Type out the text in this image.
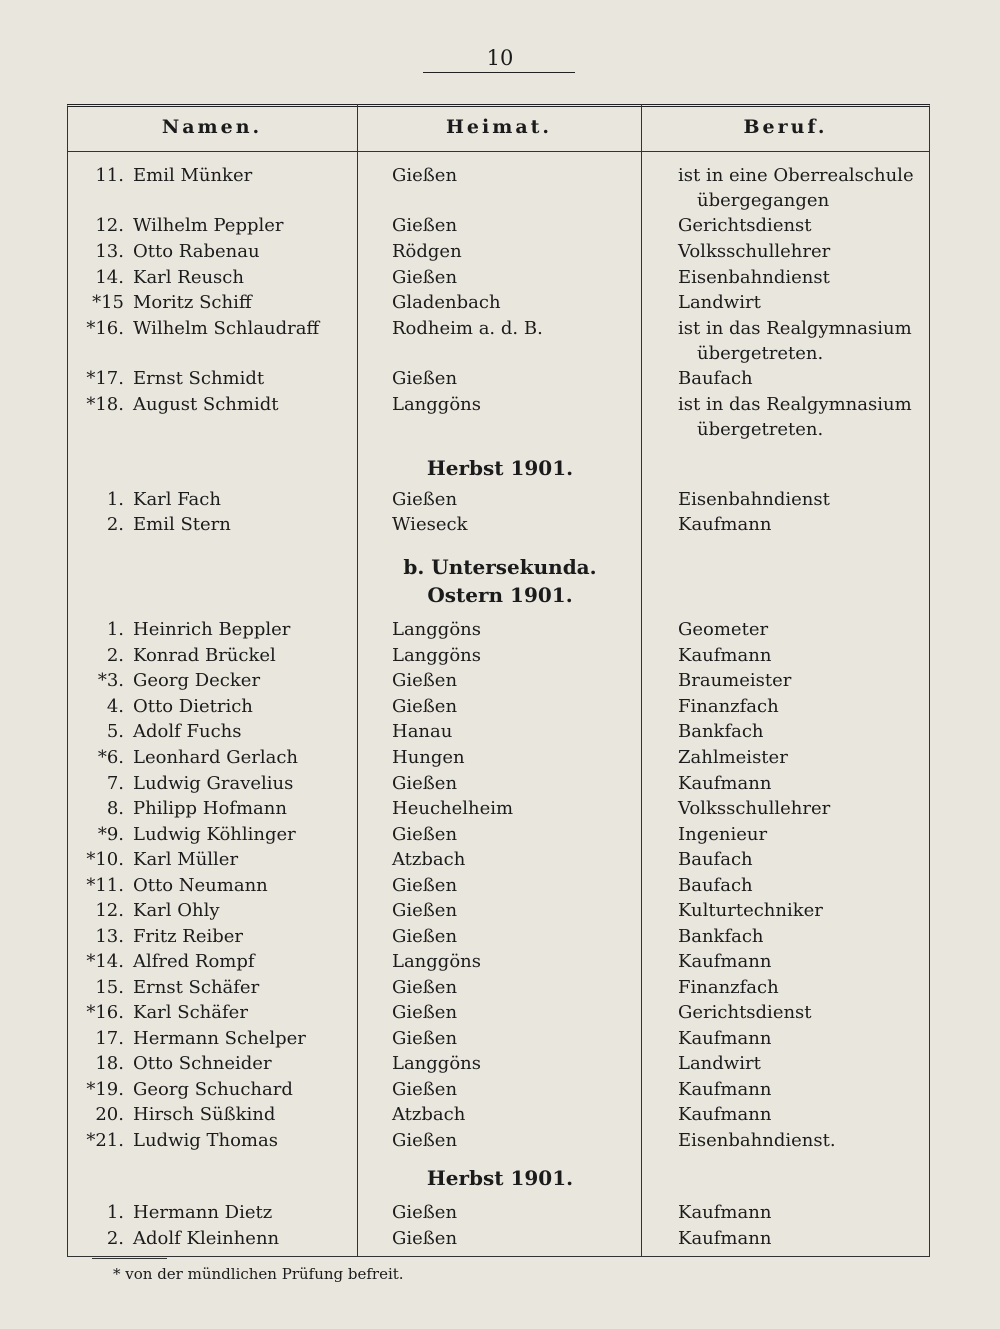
10
Namen.	Heimat.	Beruf.
11. Emil Münker	Gießen	ist in eine Oberrealschule
übergegangen
12. Wilhelm Peppler	Gießen	Gerichtsdienst
13. Otto Rabenau	Rödgen	Volksschullehrer
14. Karl Reusch	Gießen	Eisenbahndienst
*15 Moritz Schiff	Gladenbach	Landwirt
*16. Wilhelm Schlaudraff	Rodheim a. d. B.	ist in das Realgymnasium
übergetreten.
*17. Ernst Schmidt	Gießen	Baufach
*18. August Schmidt	Langgöns	ist in das Realgymnasium
übergetreten.
Herbst 1901.
1. Karl Fach	Gießen	Eisenbahndienst
2. Emil Stern	Wieseck	Kaufmann
b. Untersekunda.
Ostern 1901.
1. Heinrich Beppler	Langgöns	Geometer
2. Konrad Brückel	Langgöns	Kaufmann
*3. Georg Decker	Gießen	Braumeister
4. Otto Dietrich	Gießen	Finanzfach
5. Adolf Fuchs	Hanau	Bankfach
*6. Leonhard Gerlach	Hungen	Zahlmeister
7. Ludwig Gravelius	Gießen	Kaufmann
8. Philipp Hofmann	Heuchelheim	Volksschullehrer
*9. Ludwig Köhlinger	Gießen	Ingenieur
*10. Karl Müller	Atzbach	Baufach
*11. Otto Neumann	Gießen	Baufach
12. Karl Ohly	Gießen	Kulturtechniker
13. Fritz Reiber	Gießen	Bankfach
*14. Alfred Rompf	Langgöns	Kaufmann
15. Ernst Schäfer	Gießen	Finanzfach
*16. Karl Schäfer	Gießen	Gerichtsdienst
17. Hermann Schelper	Gießen	Kaufmann
18. Otto Schneider	Langgöns	Landwirt
*19. Georg Schuchard	Gießen	Kaufmann
20. Hirsch Süßkind	Atzbach	Kaufmann
*21. Ludwig Thomas	Gießen	Eisenbahndienst.
Herbst 1901.
1. Hermann Dietz	Gießen	Kaufmann
2. Adolf Kleinhenn	Gießen	Kaufmann
* von der mündlichen Prüfung befreit.
